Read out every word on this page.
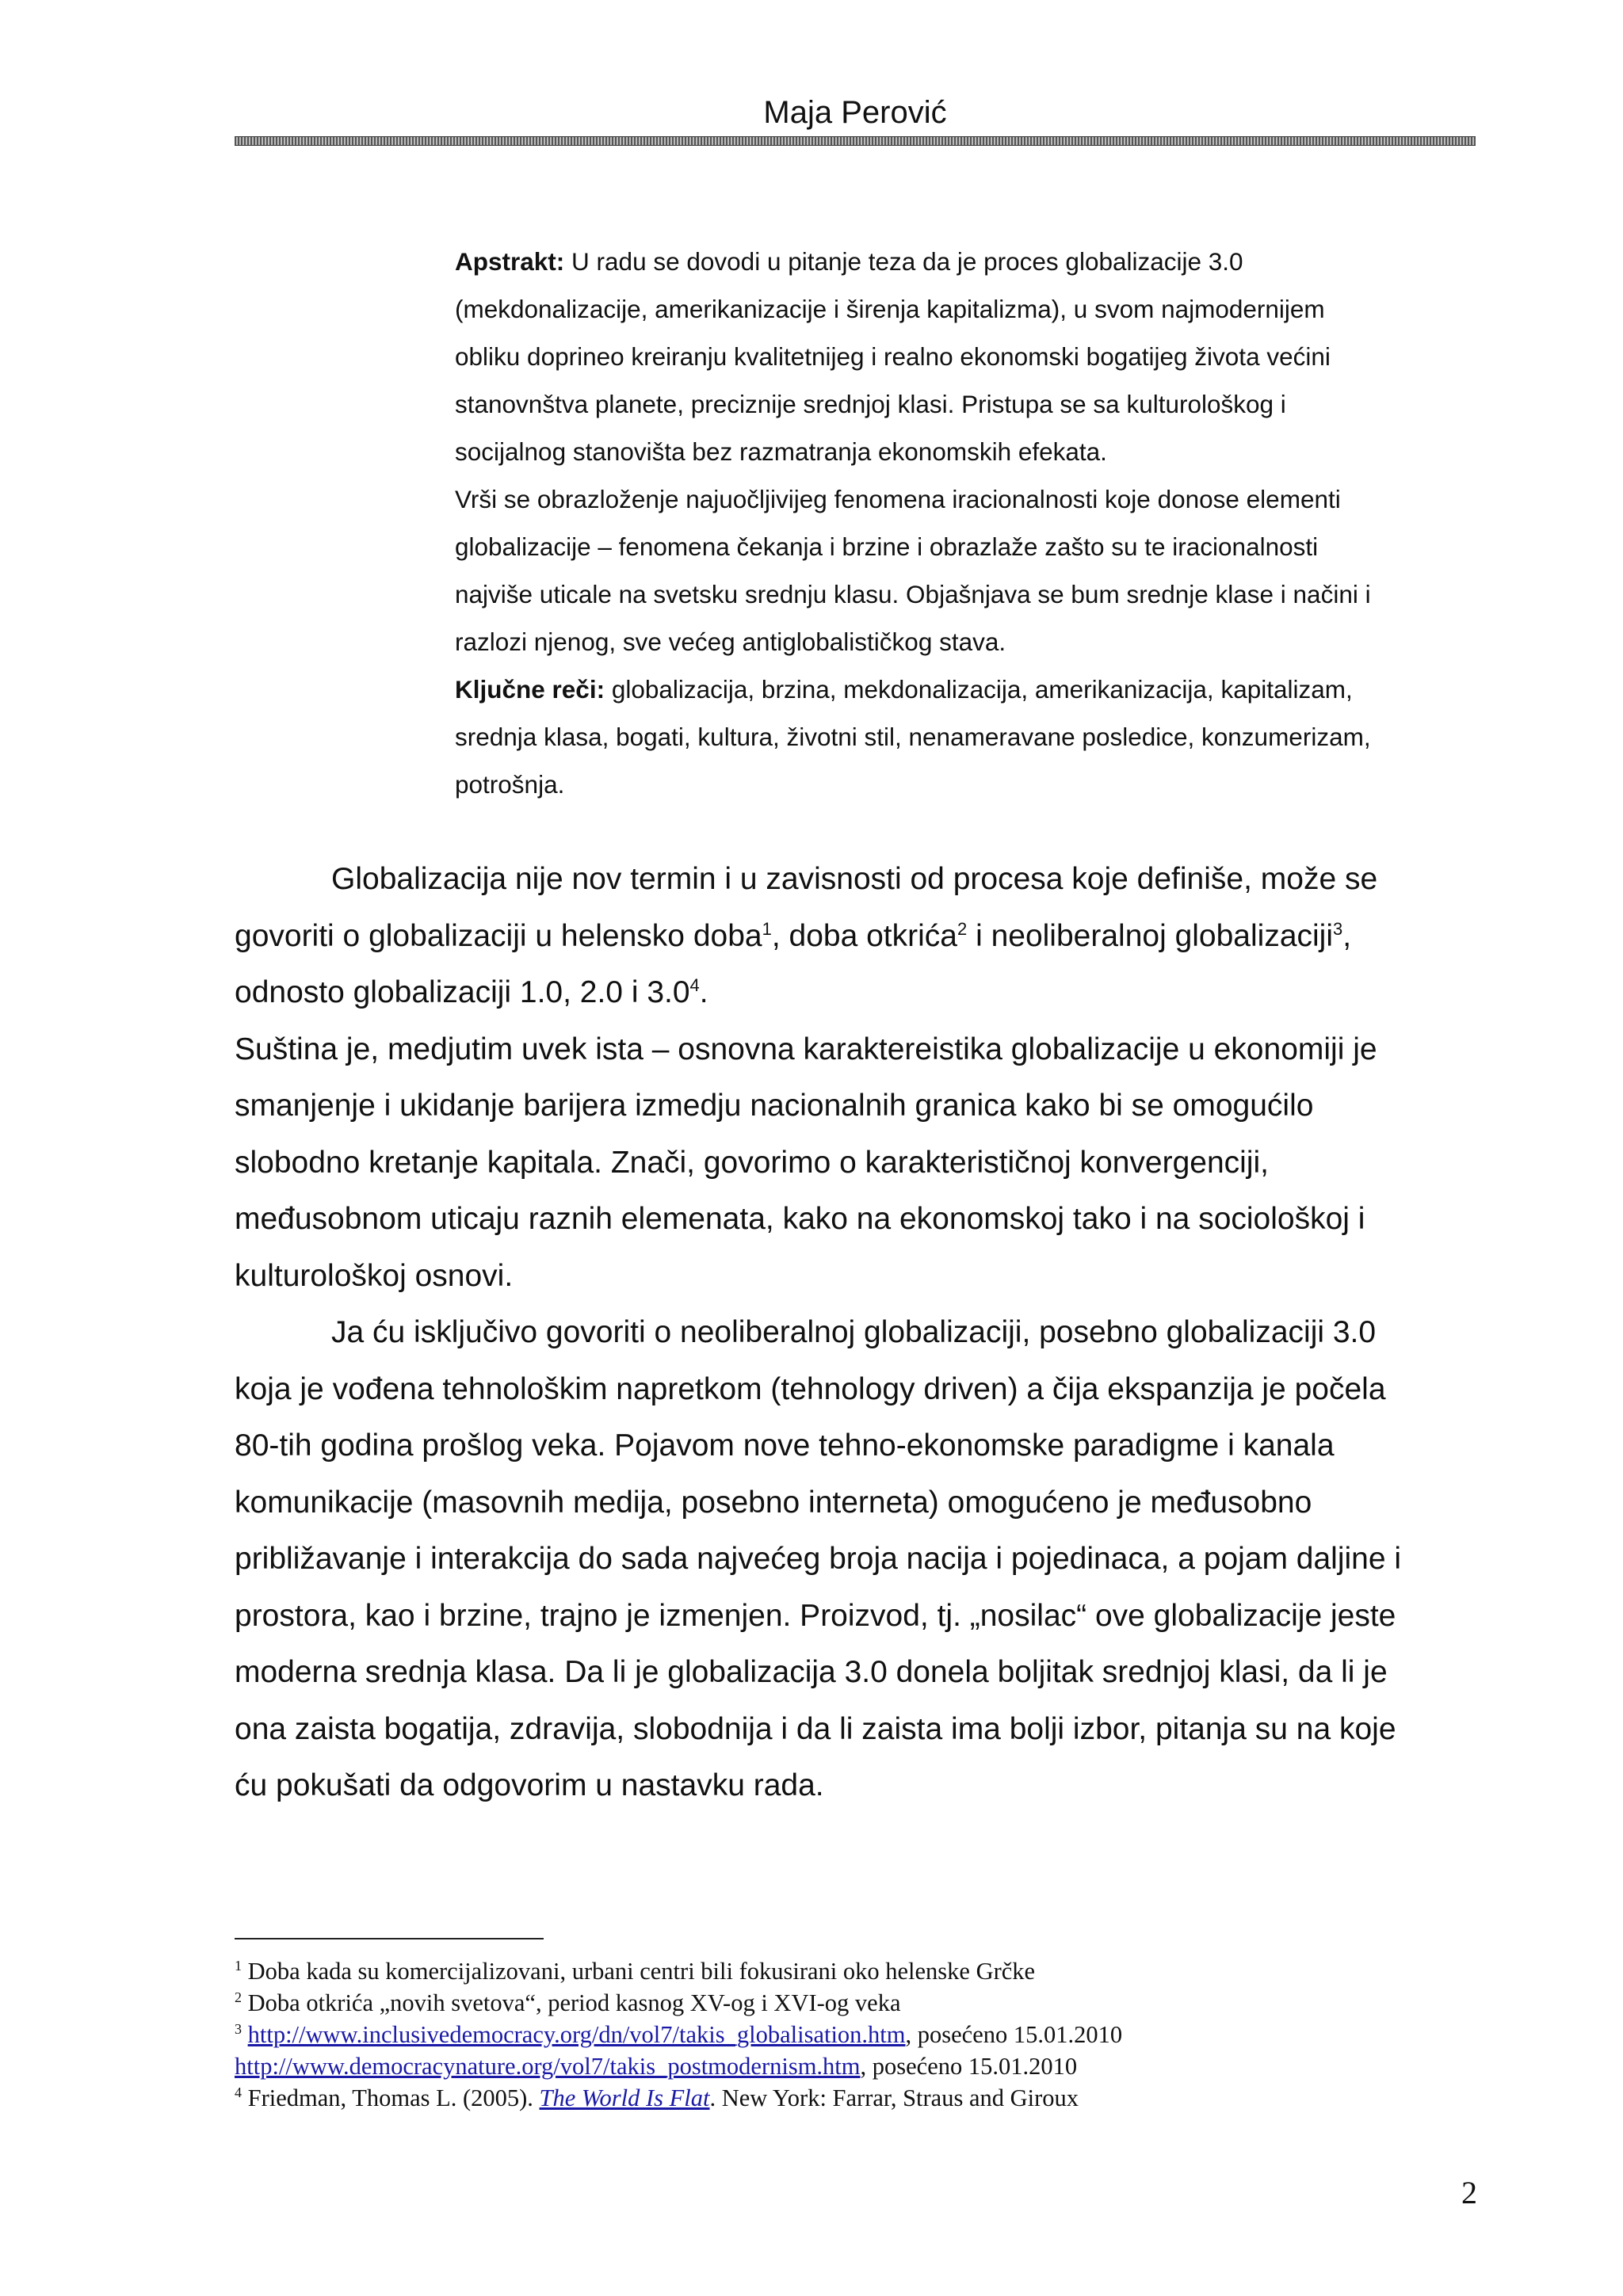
Maja Perović

Apstrakt: U radu se dovodi u pitanje teza da je proces globalizacije 3.0

(mekdonalizacije, amerikanizacije i širenja kapitalizma), u svom najmodernijem

obliku doprineo kreiranju kvalitetnijeg i realno ekonomski bogatijeg života većini

stanovnštva planete, preciznije srednjoj klasi. Pristupa se sa kulturološkog i

socijalnog stanovišta bez razmatranja ekonomskih efekata.

Vrši se obrazloženje najuočljivijeg fenomena iracionalnosti koje donose elementi

globalizacije – fenomena čekanja i brzine i obrazlaže zašto su te iracionalnosti

najviše uticale na svetsku srednju klasu. Objašnjava se bum srednje klase i načini i

razlozi njenog, sve većeg antiglobalističkog stava.

Ključne reči: globalizacija, brzina, mekdonalizacija, amerikanizacija, kapitalizam,

srednja klasa, bogati, kultura, životni stil, nenameravane posledice, konzumerizam,

potrošnja.

Globalizacija nije nov termin i u zavisnosti od procesa koje definiše, može se

govoriti o globalizaciji u helensko doba$^1$, doba otkrića$^2$ i neoliberalnoj globalizaciji$^3$,

odnosto globalizaciji 1.0, 2.0 i $3.0^4$.

Suština je, medjutim uvek ista – osnovna karaktereistika globalizacije u ekonomiji je

smanjenje i ukidanje barijera izmedju nacionalnih granica kako bi se omogućilo

slobodno kretanje kapitala. Znači, govorimo o karakterističnoj konvergenciji,

međusobnom uticaju raznih elemenata, kako na ekonomskoj tako i na sociološkoj i

kulturološkoj osnovi.

Ja ću isključivo govoriti o neoliberalnoj globalizaciji, posebno globalizaciji 3.0

koja je vođena tehnološkim napretkom (tehnology driven) a čija ekspanzija je počela

80-tih godina prošlog veka. Pojavom nove tehno-ekonomske paradigme i kanala

komunikacije (masovnih medija, posebno interneta) omogućeno je međusobno

približavanje i interakcija do sada najvećeg broja nacija i pojedinaca, a pojam daljine i

prostora, kao i brzine, trajno je izmenjen. Proizvod, tj. „nosilac“ ove globalizacije jeste

moderna srednja klasa. Da li je globalizacija 3.0 donela boljitak srednjoj klasi, da li je

ona zaista bogatija, zdravija, slobodnija i da li zaista ima bolji izbor, pitanja su na koje

ću pokušati da odgovorim u nastavku rada.

$^1$ Doba kada su komercijalizovani, urbani centri bili fokusirani oko helenske Grčke

$^2$ Doba otkrića „novih svetova“, period kasnog XV-og i XVI-og veka

$^3$ http://www.inclusivedemocracy.org/dn/vol7/takis_globalisation.htm, posećeno 15.01.2010

http://www.democracynature.org/vol7/takis_postmodernism.htm, posećeno 15.01.2010

$^4$ Friedman, Thomas L. (2005). The World Is Flat. New York: Farrar, Straus and Giroux

2
